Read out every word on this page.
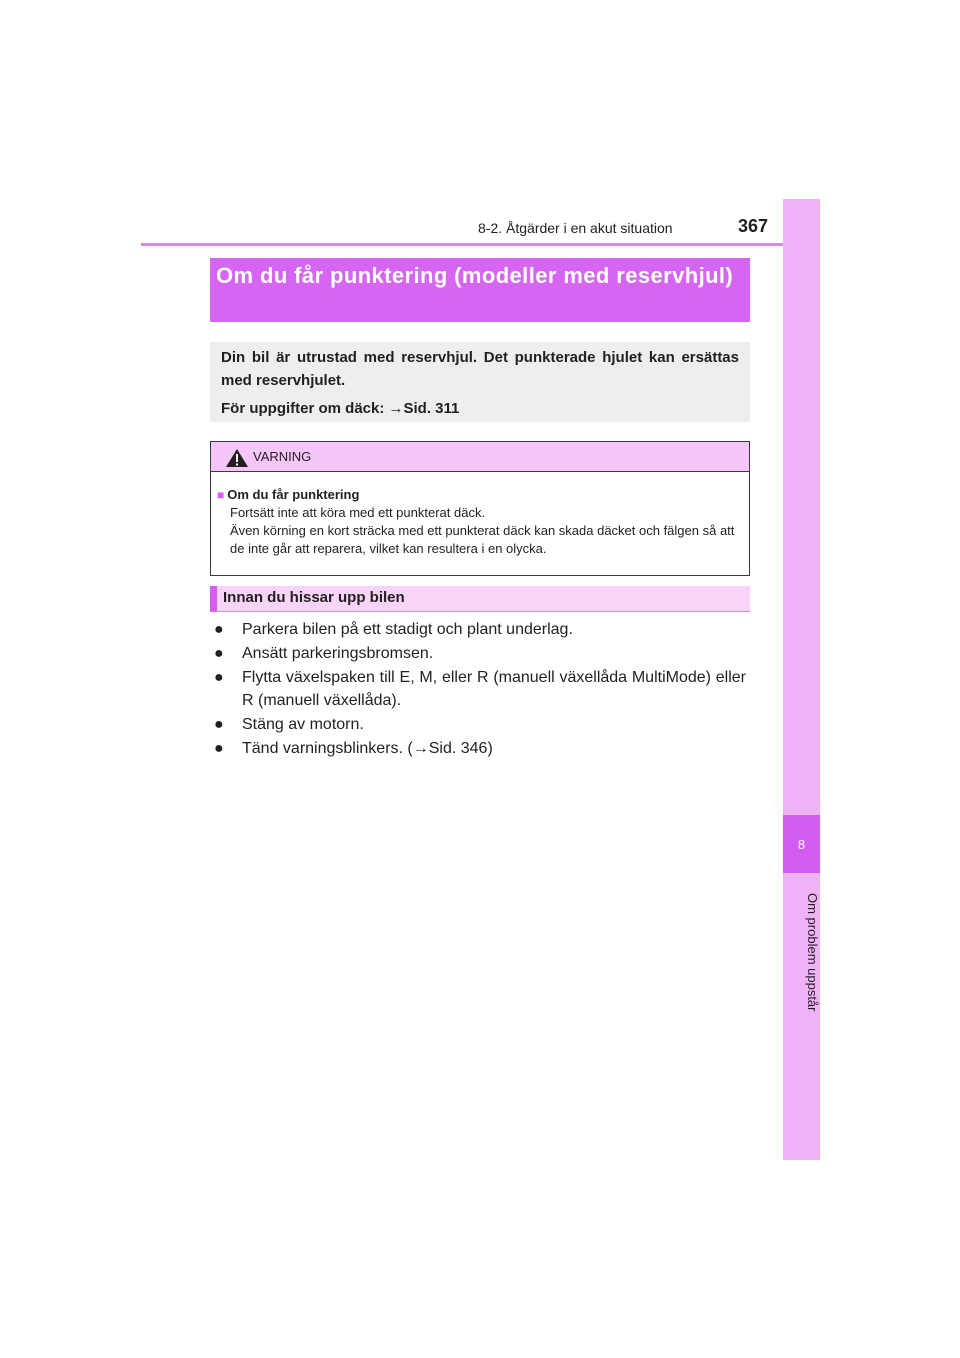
8-2. Åtgärder i en akut situation	367
8
Om problem uppstår
Om du får punktering (modeller med reservhjul)

Din bil är utrustad med reservhjul. Det punkterade hjulet kan ersättas med reservhjulet.

För uppgifter om däck: →Sid. 311

VARNING
■ Om du får punktering
Fortsätt inte att köra med ett punkterat däck.
Även körning en kort sträcka med ett punkterat däck kan skada däcket och fälgen så att de inte går att reparera, vilket kan resultera i en olycka.
Innan du hissar upp bilen
● Parkera bilen på ett stadigt och plant underlag.
● Ansätt parkeringsbromsen.
● Flytta växelspaken till E, M, eller R (manuell växellåda MultiMode) eller R (manuell växellåda).
● Stäng av motorn.
● Tänd varningsblinkers. (→Sid. 346)
